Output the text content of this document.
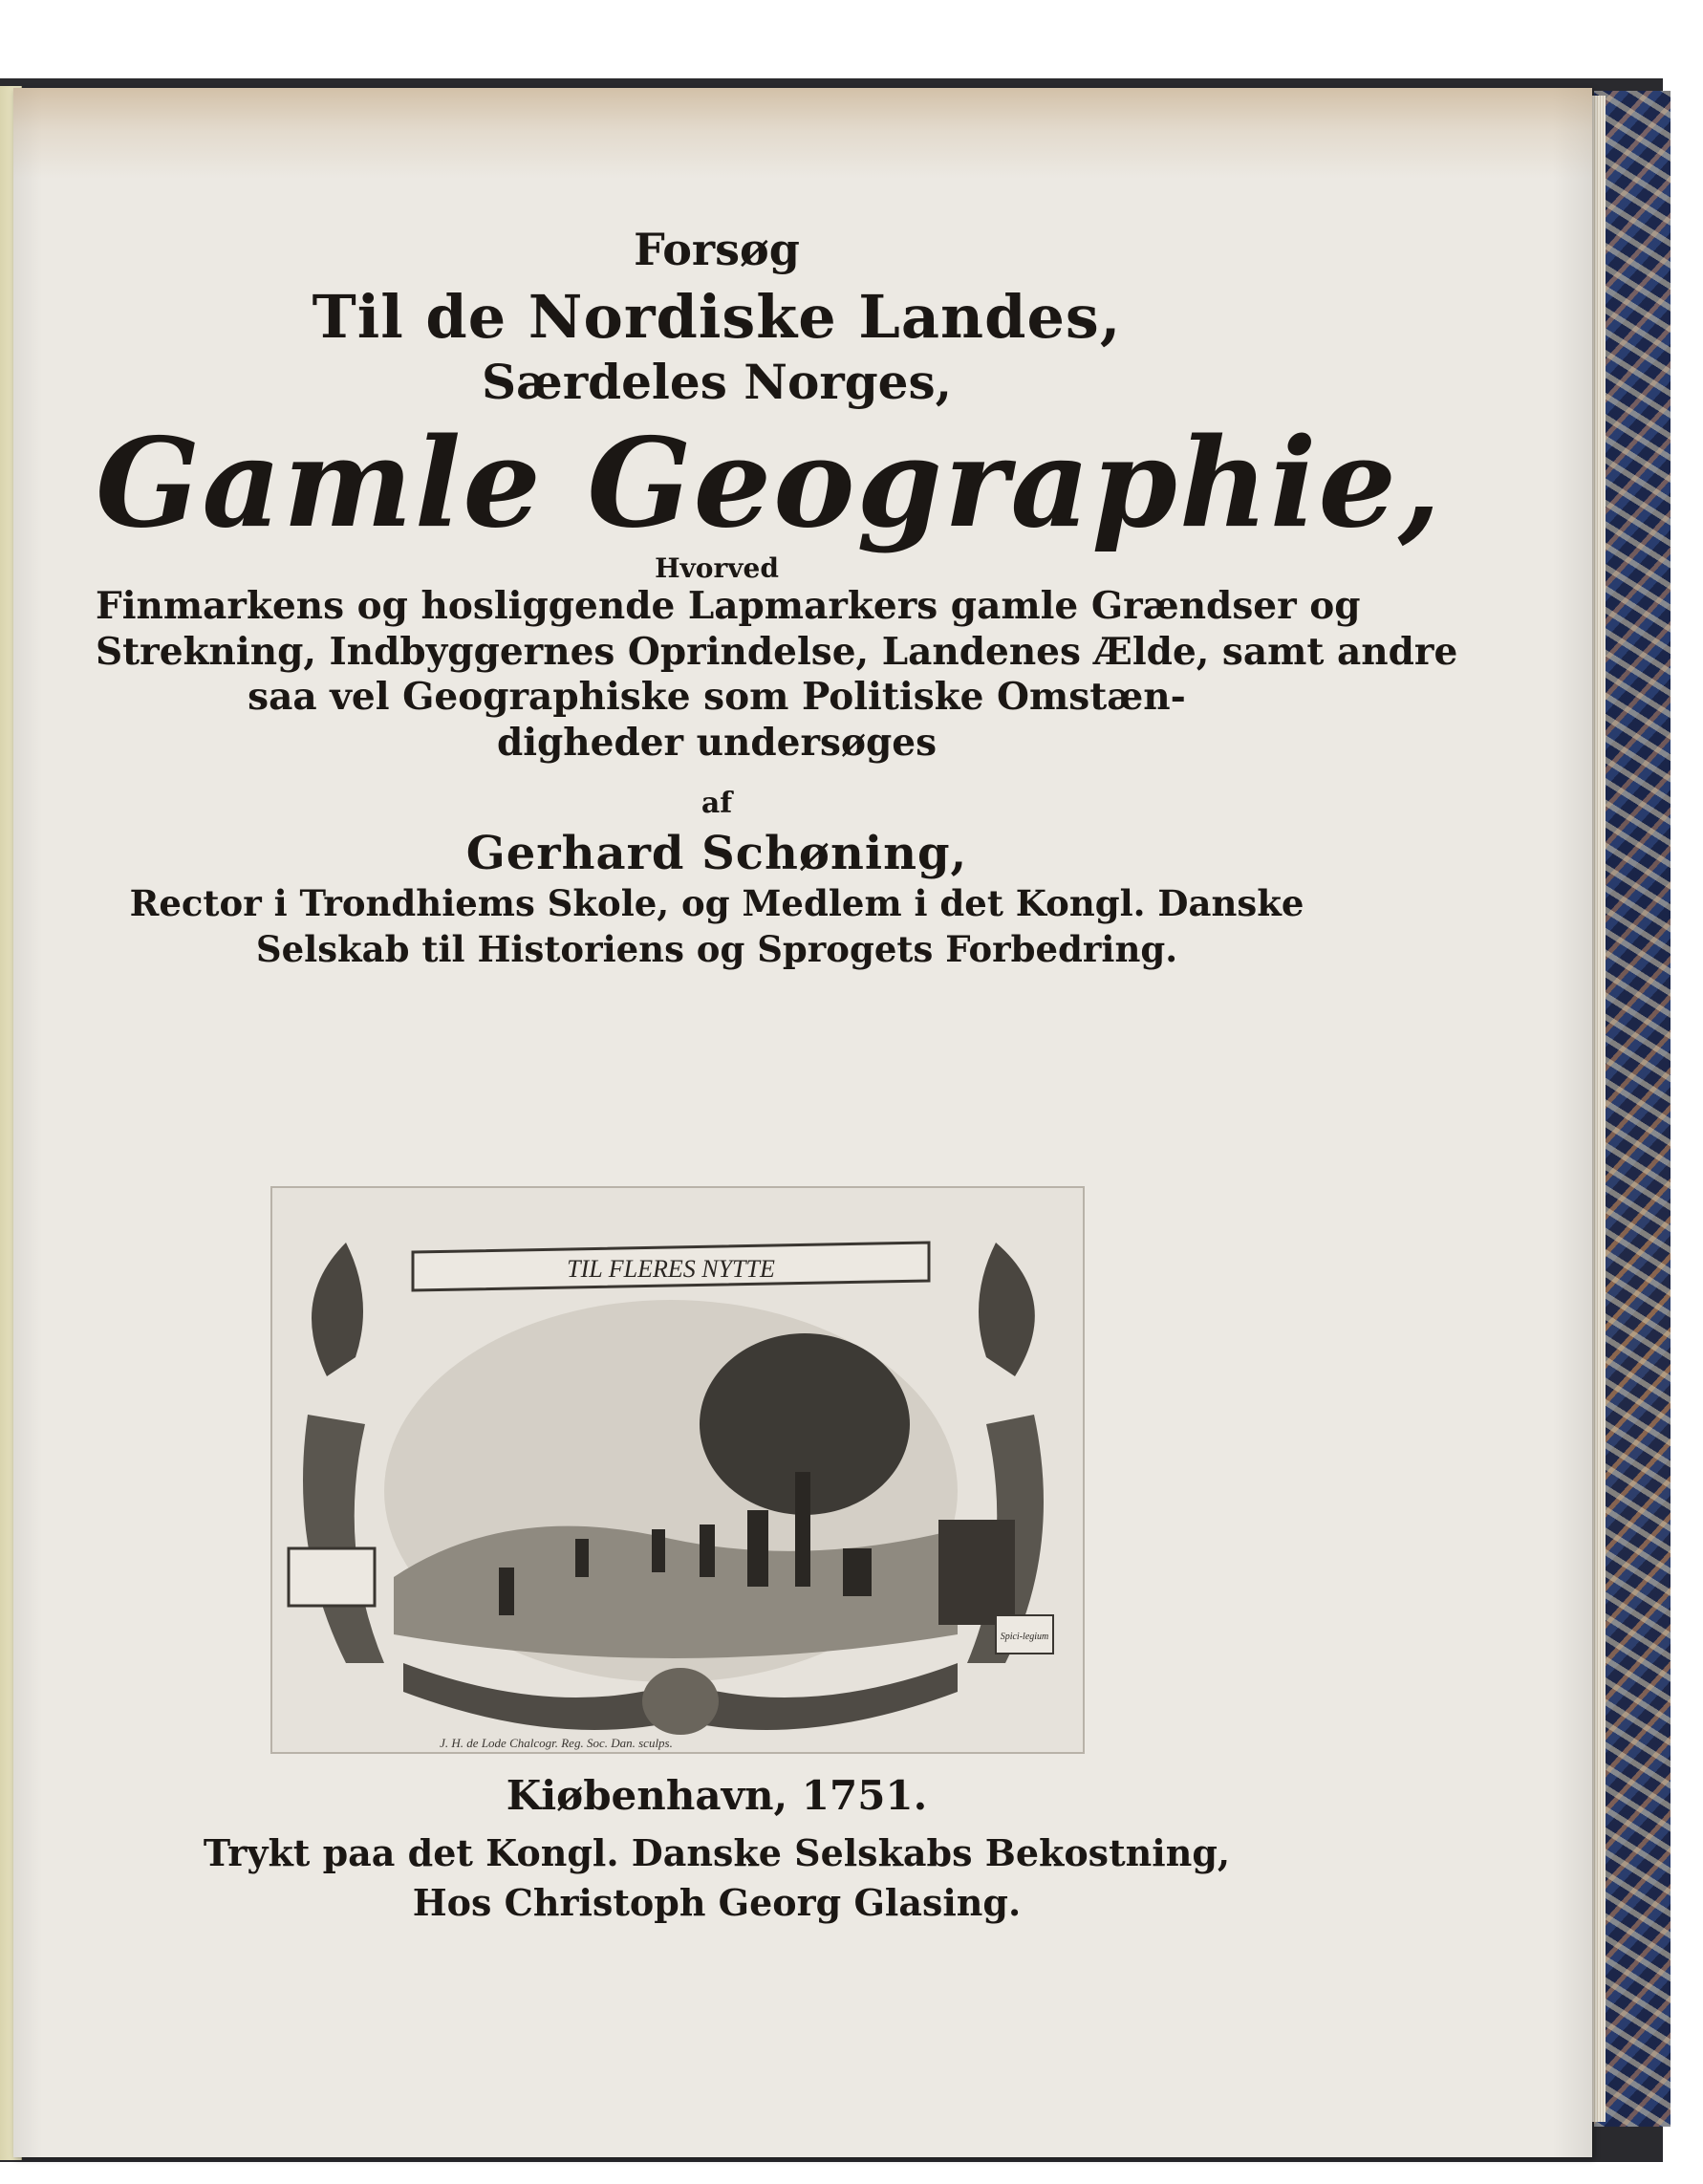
Forsøg
Til de Nordiske Landes,
Særdeles Norges,
Gamle Geographie,
Hvorved
Finmarkens og hosliggende Lapmarkers gamle Grændser og
Strekning, Indbyggernes Oprindelse, Landenes Ælde, samt andre
saa vel Geographiske som Politiske Omstæn-
digheder undersøges
af
Gerhard Schøning,
Rector i Trondhiems Skole, og Medlem i det Kongl. Danske
Selskab til Historiens og Sprogets Forbedring.
TIL FLERES NYTTE
Spici-legium
J. H. de Lode Chalcogr. Reg. Soc. Dan. sculps.
Kiøbenhavn, 1751.
Trykt paa det Kongl. Danske Selskabs Bekostning,
Hos Christoph Georg Glasing.
